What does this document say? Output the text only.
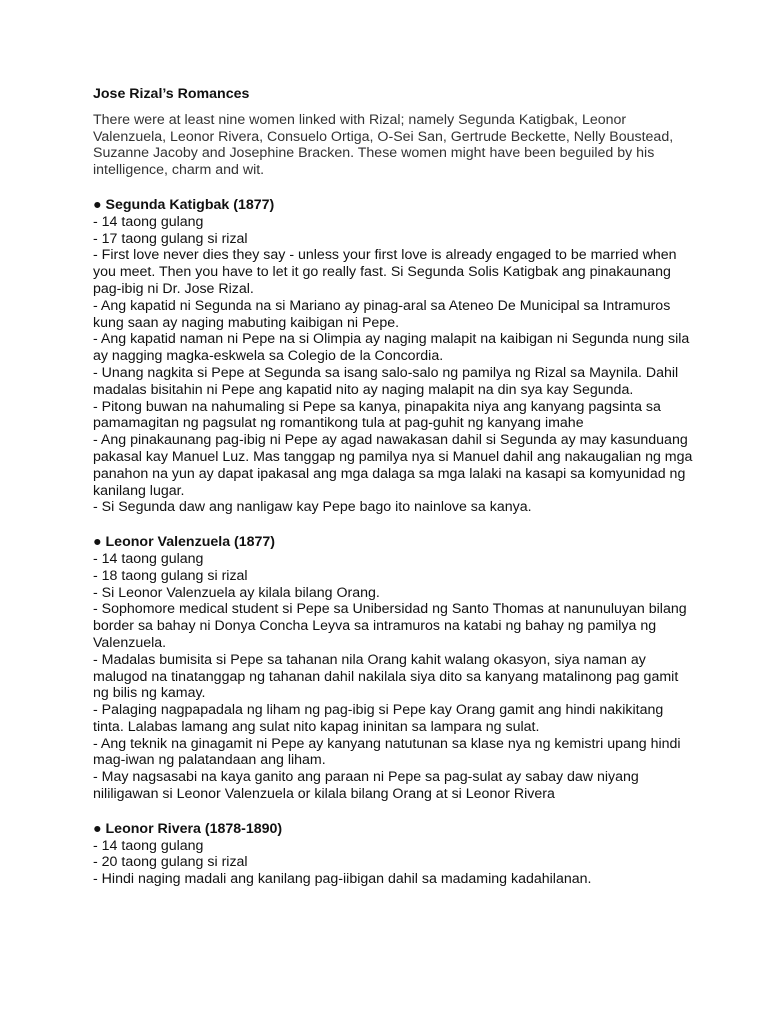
Jose Rizal’s Romances
There were at least nine women linked with Rizal; namely Segunda Katigbak, Leonor Valenzuela, Leonor Rivera, Consuelo Ortiga, O-Sei San, Gertrude Beckette, Nelly Boustead, Suzanne Jacoby and Josephine Bracken. These women might have been beguiled by his intelligence, charm and wit.
● Segunda Katigbak (1877)
- 14 taong gulang
- 17 taong gulang si rizal
- First love never dies they say - unless your first love is already engaged to be married when you meet. Then you have to let it go really fast. Si Segunda Solis Katigbak ang pinakaunang pag-ibig ni Dr. Jose Rizal.
- Ang kapatid ni Segunda na si Mariano ay pinag-aral sa Ateneo De Municipal sa Intramuros kung saan ay naging mabuting kaibigan ni Pepe.
- Ang kapatid naman ni Pepe na si Olimpia ay naging malapit na kaibigan ni Segunda nung sila ay nagging magka-eskwela sa Colegio de la Concordia.
- Unang nagkita si Pepe at Segunda sa isang salo-salo ng pamilya ng Rizal sa Maynila. Dahil madalas bisitahin ni Pepe ang kapatid nito ay naging malapit na din sya kay Segunda.
- Pitong buwan na nahumaling si Pepe sa kanya, pinapakita niya ang kanyang pagsinta sa pamamagitan ng pagsulat ng romantikong tula at pag-guhit ng kanyang imahe
- Ang pinakaunang pag-ibig ni Pepe ay agad nawakasan dahil si Segunda ay may kasunduang pakasal kay Manuel Luz. Mas tanggap ng pamilya nya si Manuel dahil ang nakaugalian ng mga panahon na yun ay dapat ipakasal ang mga dalaga sa mga lalaki na kasapi sa komyunidad ng kanilang lugar.
- Si Segunda daw ang nanligaw kay Pepe bago ito nainlove sa kanya.
● Leonor Valenzuela (1877)
- 14 taong gulang
- 18 taong gulang si rizal
- Si Leonor Valenzuela ay kilala bilang Orang.
- Sophomore medical student si Pepe sa Unibersidad ng Santo Thomas at nanunuluyan bilang border sa bahay ni Donya Concha Leyva sa intramuros na katabi ng bahay ng pamilya ng Valenzuela.
- Madalas bumisita si Pepe sa tahanan nila Orang kahit walang okasyon, siya naman ay malugod na tinatanggap ng tahanan dahil nakilala siya dito sa kanyang matalinong pag gamit ng bilis ng kamay.
- Palaging nagpapadala ng liham ng pag-ibig si Pepe kay Orang gamit ang hindi nakikitang tinta. Lalabas lamang ang sulat nito kapag ininitan sa lampara ng sulat.
- Ang teknik na ginagamit ni Pepe ay kanyang natutunan sa klase nya ng kemistri upang hindi mag-iwan ng palatandaan ang liham.
- May nagsasabi na kaya ganito ang paraan ni Pepe sa pag-sulat ay sabay daw niyang nililigawan si Leonor Valenzuela or kilala bilang Orang at si Leonor Rivera
● Leonor Rivera (1878-1890)
- 14 taong gulang
- 20 taong gulang si rizal
- Hindi naging madali ang kanilang pag-iibigan dahil sa madaming kadahilanan.
